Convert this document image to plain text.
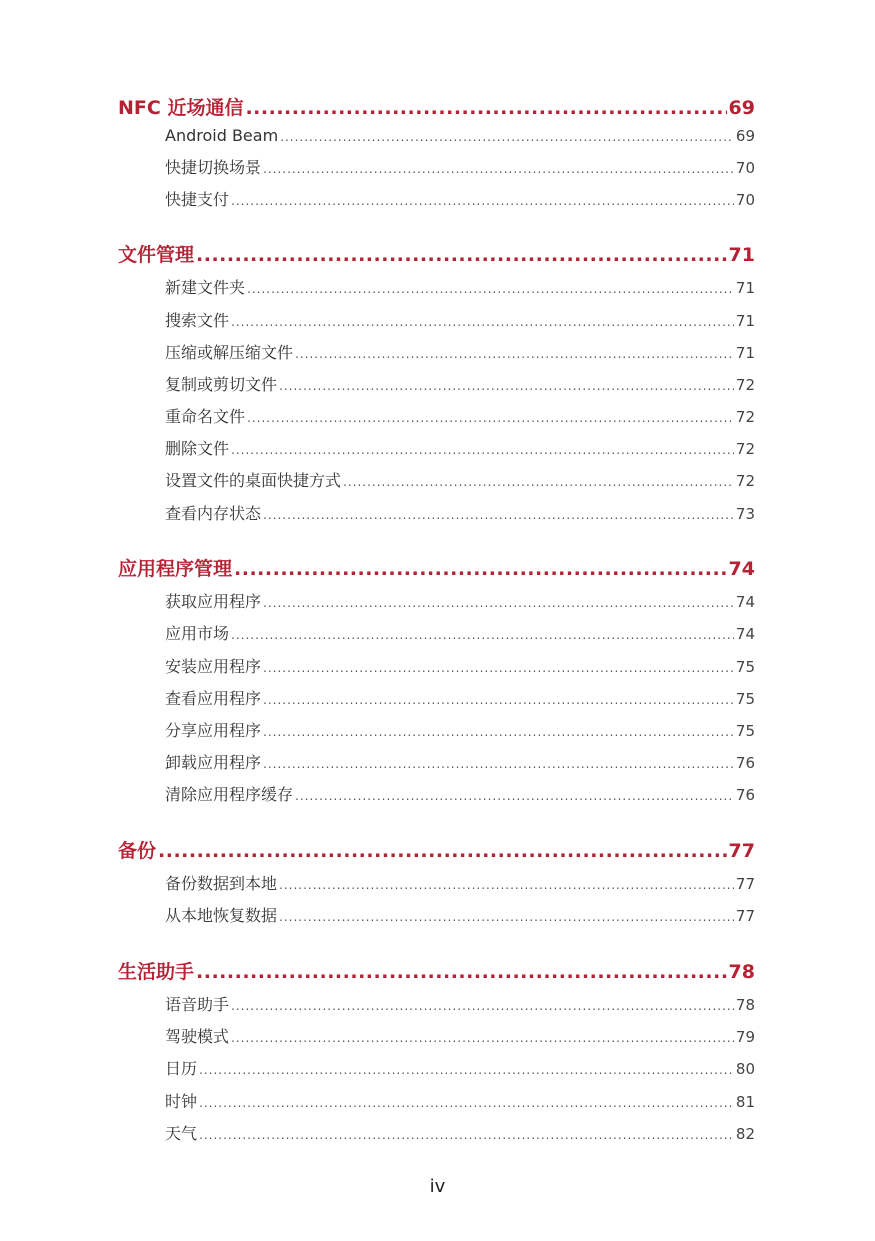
NFC 近场通信 .....	69
Android Beam .....	69
快捷切换场景 .....	70
快捷支付 .....	70
文件管理 .....	71
新建文件夹 .....	71
搜索文件 .....	71
压缩或解压缩文件 .....	71
复制或剪切文件 .....	72
重命名文件 .....	72
删除文件 .....	72
设置文件的桌面快捷方式 .....	72
查看内存状态 .....	73
应用程序管理 .....	74
获取应用程序 .....	74
应用市场 .....	74
安装应用程序 .....	75
查看应用程序 .....	75
分享应用程序 .....	75
卸载应用程序 .....	76
清除应用程序缓存 .....	76
备份 .....	77
备份数据到本地 .....	77
从本地恢复数据 .....	77
生活助手 .....	78
语音助手 .....	78
驾驶模式 .....	79
日历 .....	80
时钟 .....	81
天气 .....	82
iv
